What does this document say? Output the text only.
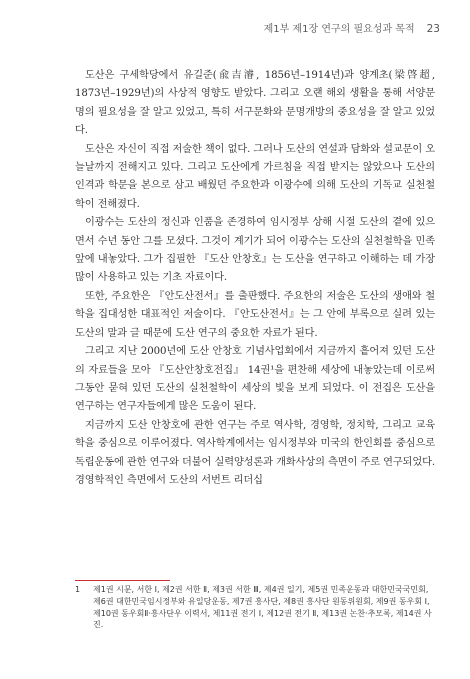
제1부 제1장 연구의 필요성과 목적 23

도산은 구세학당에서 유길준(兪吉濬, 1856년–1914년)과 양계초(梁啓超, 1873년–1929년)의 사상적 영향도 받았다. 그리고 오랜 해외 생활을 통해 서양문명의 필요성을 잘 알고 있었고, 특히 서구문화와 문명개방의 중요성을 잘 알고 있었다.

도산은 자신이 직접 저술한 책이 없다. 그러나 도산의 연설과 담화와 설교문이 오늘날까지 전해지고 있다. 그리고 도산에게 가르침을 직접 받지는 않았으나 도산의 인격과 학문을 본으로 삼고 배웠던 주요한과 이광수에 의해 도산의 기독교 실천철학이 전해졌다.

이광수는 도산의 정신과 인품을 존경하여 임시정부 상해 시절 도산의 곁에 있으면서 수년 동안 그를 모셨다. 그것이 계기가 되어 이광수는 도산의 실천철학을 민족 앞에 내놓았다. 그가 집필한 『도산 안창호』는 도산을 연구하고 이해하는 데 가장 많이 사용하고 있는 기초 자료이다.

또한, 주요한은 『안도산전서』를 출판했다. 주요한의 저술은 도산의 생애와 철학을 집대성한 대표적인 저술이다. 『안도산전서』는 그 안에 부록으로 실려 있는 도산의 말과 글 때문에 도산 연구의 중요한 자료가 된다.

그리고 지난 2000년에 도산 안창호 기념사업회에서 지금까지 흩어져 있던 도산의 자료들을 모아 『도산안창호전집』 14권¹을 편찬해 세상에 내놓았는데 이로써 그동안 묻혀 있던 도산의 실천철학이 세상의 빛을 보게 되었다. 이 전집은 도산을 연구하는 연구자들에게 많은 도움이 된다.

지금까지 도산 안창호에 관한 연구는 주로 역사학, 경영학, 정치학, 그리고 교육학을 중심으로 이루어졌다. 역사학계에서는 임시정부와 미국의 한인회를 중심으로 독립운동에 관한 연구와 더불어 실력양성론과 개화사상의 측면이 주로 연구되었다. 경영학적인 측면에서 도산의 서번트 리더십

1	제1권 시문, 서한 Ⅰ, 제2권 서한 Ⅱ, 제3권 서한 Ⅲ, 제4권 일기, 제5권 민족운동과 대한민국국민회, 제6권 대한민국임시정부와 유일당운동, 제7권 흥사단, 제8권 흥사단 원동위원회, 제9권 동우회 Ⅰ, 제10권 동우회Ⅱ·흥사단우 이력서, 제11권 전기 Ⅰ, 제12권 전기 Ⅱ, 제13권 논찬·추모록, 제14권 사진.
